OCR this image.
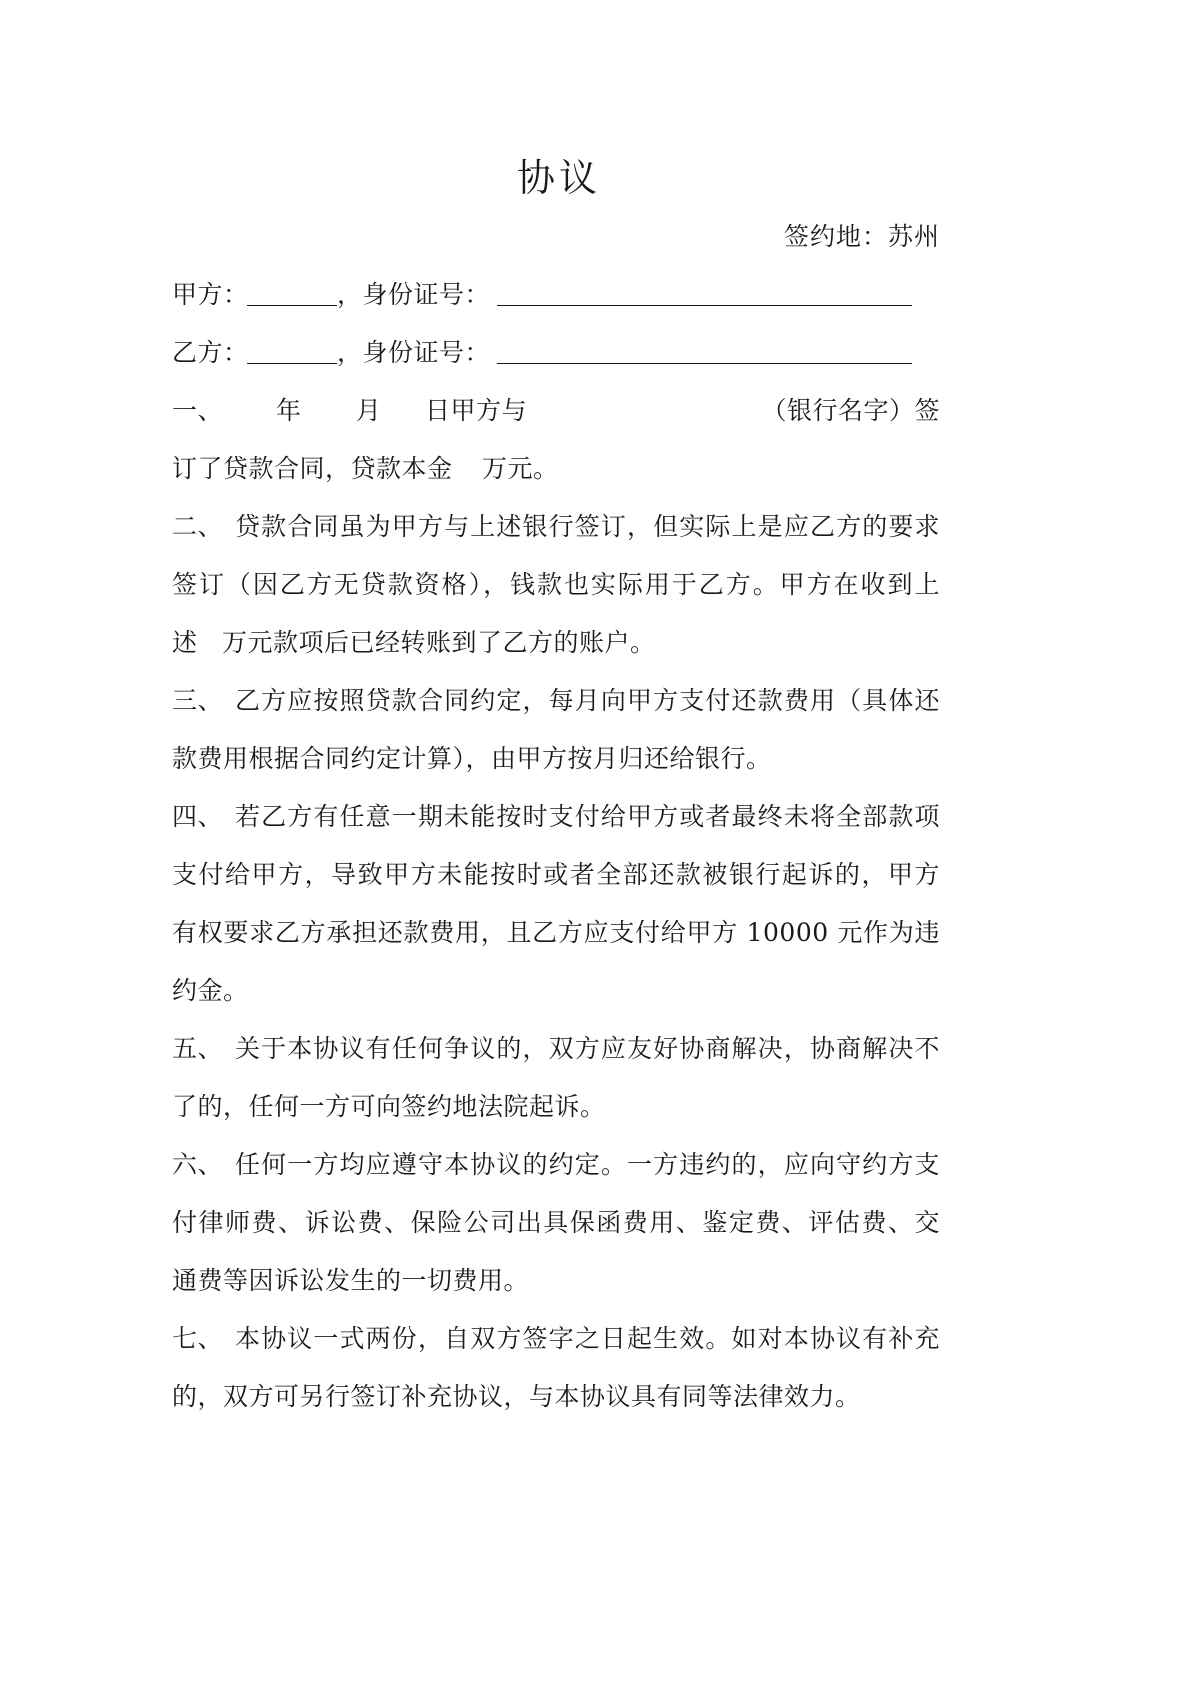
协议
签约地：苏州
甲方：	，身份证号：
乙方：	，身份证号：
一、 年 月 日甲方与	（银行名字）签
订了贷款合同，贷款本金 万元。
二、 贷款合同虽为甲方与上述银行签订，但实际上是应乙方的要求
签订（因乙方无贷款资格），钱款也实际用于乙方。甲方在收到上
述 万元款项后已经转账到了乙方的账户。
三、 乙方应按照贷款合同约定，每月向甲方支付还款费用（具体还
款费用根据合同约定计算），由甲方按月归还给银行。
四、 若乙方有任意一期未能按时支付给甲方或者最终未将全部款项
支付给甲方，导致甲方未能按时或者全部还款被银行起诉的，甲方
有权要求乙方承担还款费用，且乙方应支付给甲方 10000 元作为违
约金。
五、 关于本协议有任何争议的，双方应友好协商解决，协商解决不
了的，任何一方可向签约地法院起诉。
六、 任何一方均应遵守本协议的约定。一方违约的，应向守约方支
付律师费、诉讼费、保险公司出具保函费用、鉴定费、评估费、交
通费等因诉讼发生的一切费用。
七、 本协议一式两份，自双方签字之日起生效。如对本协议有补充
的，双方可另行签订补充协议，与本协议具有同等法律效力。
